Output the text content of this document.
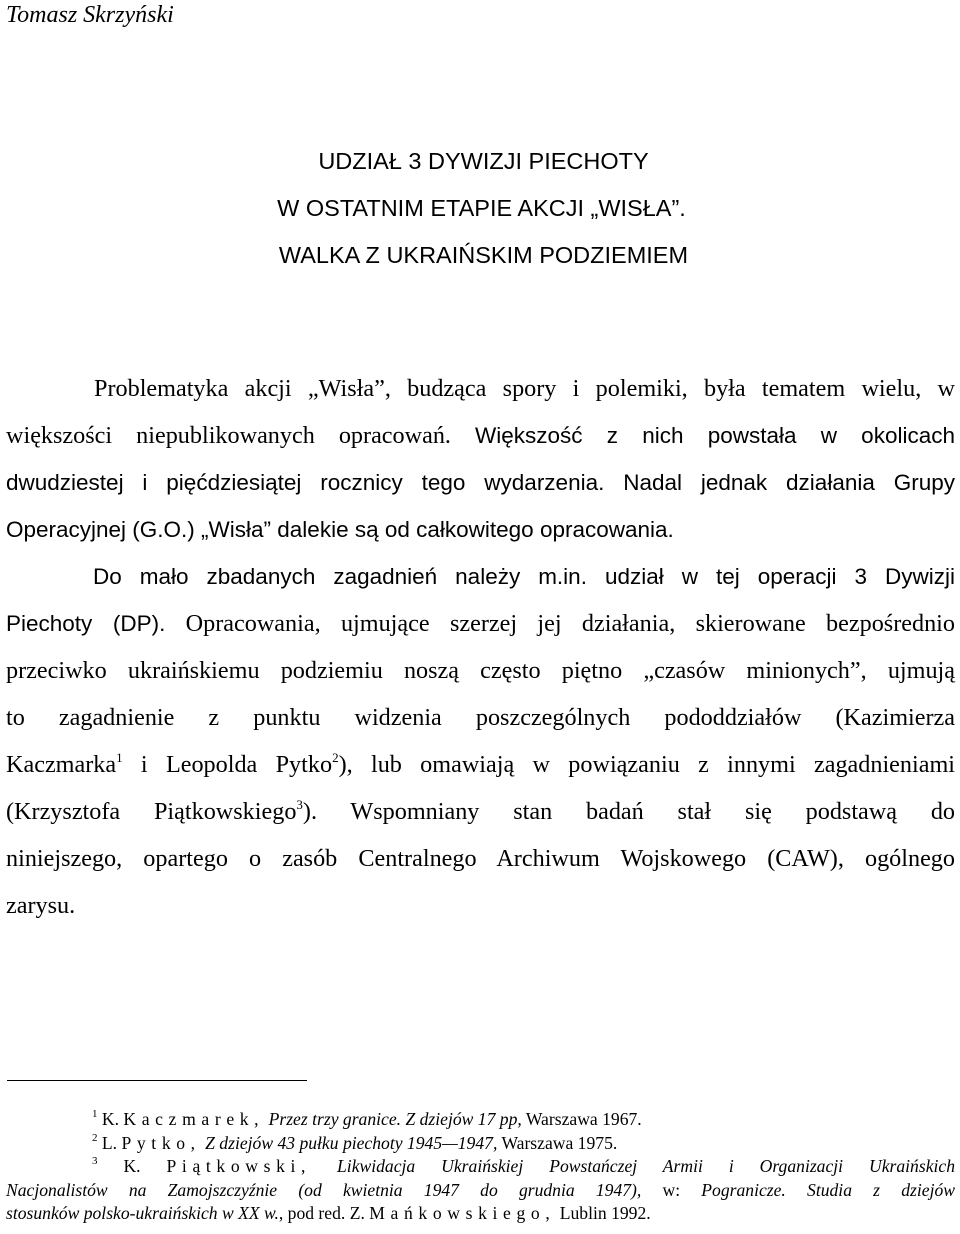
Tomasz Skrzyński
UDZIAŁ 3 DYWIZJI PIECHOTY
W OSTATNIM ETAPIE AKCJI „WISŁA”.
WALKA Z UKRAIŃSKIM PODZIEMIEM
Problematyka akcji „Wisła”, budząca spory i polemiki, była tematem wielu, w
większości niepublikowanych opracowań. Większość z nich powstała w okolicach
dwudziestej i pięćdziesiątej rocznicy tego wydarzenia. Nadal jednak działania Grupy
Operacyjnej (G.O.) „Wisła” dalekie są od całkowitego opracowania.
Do mało zbadanych zagadnień należy m.in. udział w tej operacji 3 Dywizji
Piechoty (DP). Opracowania, ujmujące szerzej jej działania, skierowane bezpośrednio
przeciwko ukraińskiemu podziemiu noszą często piętno „czasów minionych”, ujmują
to zagadnienie z punktu widzenia poszczególnych pododdziałów (Kazimierza
Kaczmarka$^1$ i Leopolda Pytko$^2$), lub omawiają w powiązaniu z innymi zagadnieniami
(Krzysztofa Piątkowskiego$^3$). Wspomniany stan badań stał się podstawą do
niniejszego, opartego o zasób Centralnego Archiwum Wojskowego (CAW), ogólnego
zarysu.
$^1$ K. Kaczmarek, Przez trzy granice. Z dziejów 17 pp, Warszawa 1967.
$^2$ L. Pytko, Z dziejów 43 pułku piechoty 1945—1947, Warszawa 1975.
$^3$ K. Piątkowski, Likwidacja Ukraińskiej Powstańczej Armii i Organizacji Ukraińskich
Nacjonalistów na Zamojszczyźnie (od kwietnia 1947 do grudnia 1947), w: Pogranicze. Studia z dziejów
stosunków polsko-ukraińskich w XX w., pod red. Z. Mańkowskiego, Lublin 1992.
